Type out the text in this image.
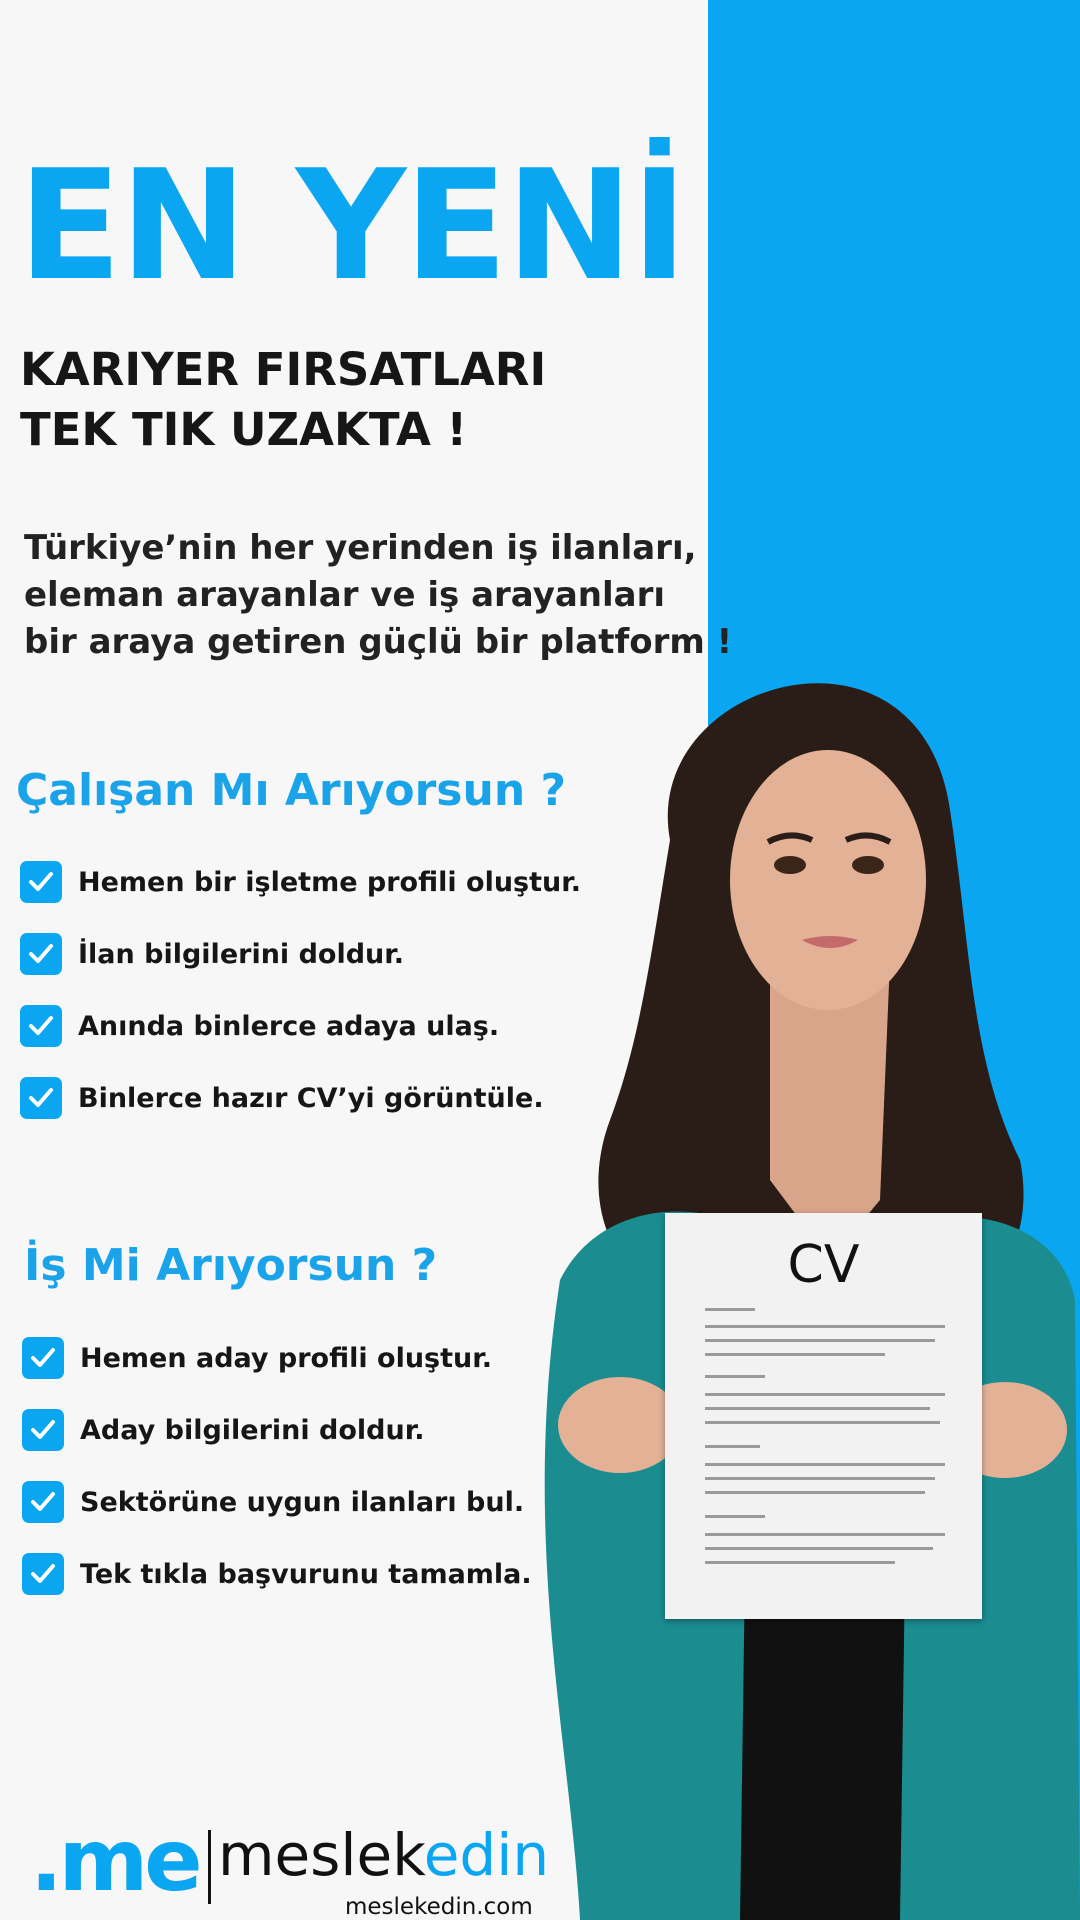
EN YENİ
KARIYER FIRSATLARI
TEK TIK UZAKTA !
Türkiye’nin her yerinden iş ilanları,
eleman arayanlar ve iş arayanları
bir araya getiren güçlü bir platform !
Çalışan Mı Arıyorsun ?
Hemen bir işletme profili oluştur.
İlan bilgilerini doldur.
Anında binlerce adaya ulaş.
Binlerce hazır CV’yi görüntüle.
İş Mi Arıyorsun ?
Hemen aday profili oluştur.
Aday bilgilerini doldur.
Sektörüne uygun ilanları bul.
Tek tıkla başvurunu tamamla.
CV
.me meslekedin
meslekedin.com
